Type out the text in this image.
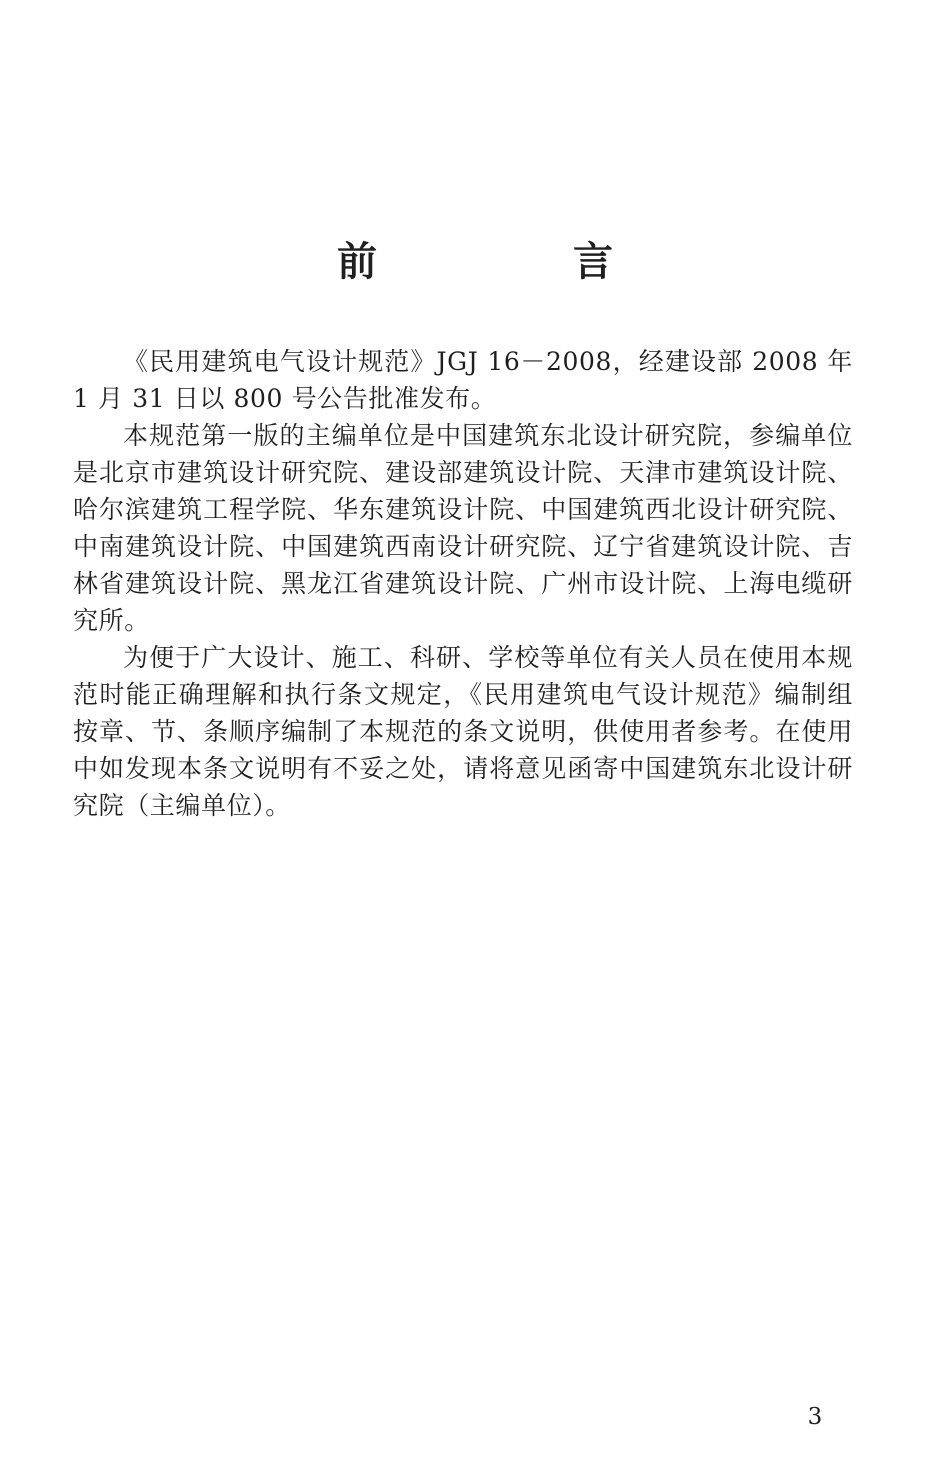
前　言

《民用建筑电气设计规范》JGJ 16－2008，经建设部 2008 年 1 月 31 日以 800 号公告批准发布。

本规范第一版的主编单位是中国建筑东北设计研究院，参编单位是北京市建筑设计研究院、建设部建筑设计院、天津市建筑设计院、哈尔滨建筑工程学院、华东建筑设计院、中国建筑西北设计研究院、中南建筑设计院、中国建筑西南设计研究院、辽宁省建筑设计院、吉林省建筑设计院、黑龙江省建筑设计院、广州市设计院、上海电缆研究所。

为便于广大设计、施工、科研、学校等单位有关人员在使用本规范时能正确理解和执行条文规定，《民用建筑电气设计规范》编制组按章、节、条顺序编制了本规范的条文说明，供使用者参考。在使用中如发现本条文说明有不妥之处，请将意见函寄中国建筑东北设计研究院（主编单位）。

3
